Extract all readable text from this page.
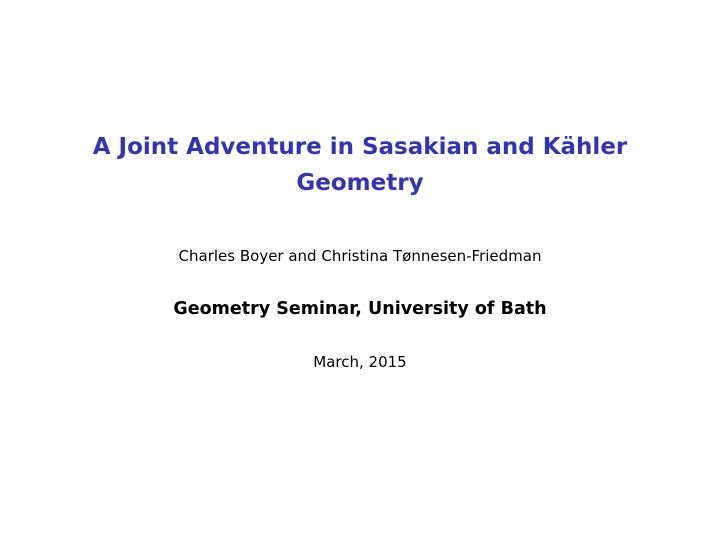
A Joint Adventure in Sasakian and Kähler Geometry
Charles Boyer and Christina Tønnesen-Friedman
Geometry Seminar, University of Bath
March, 2015
